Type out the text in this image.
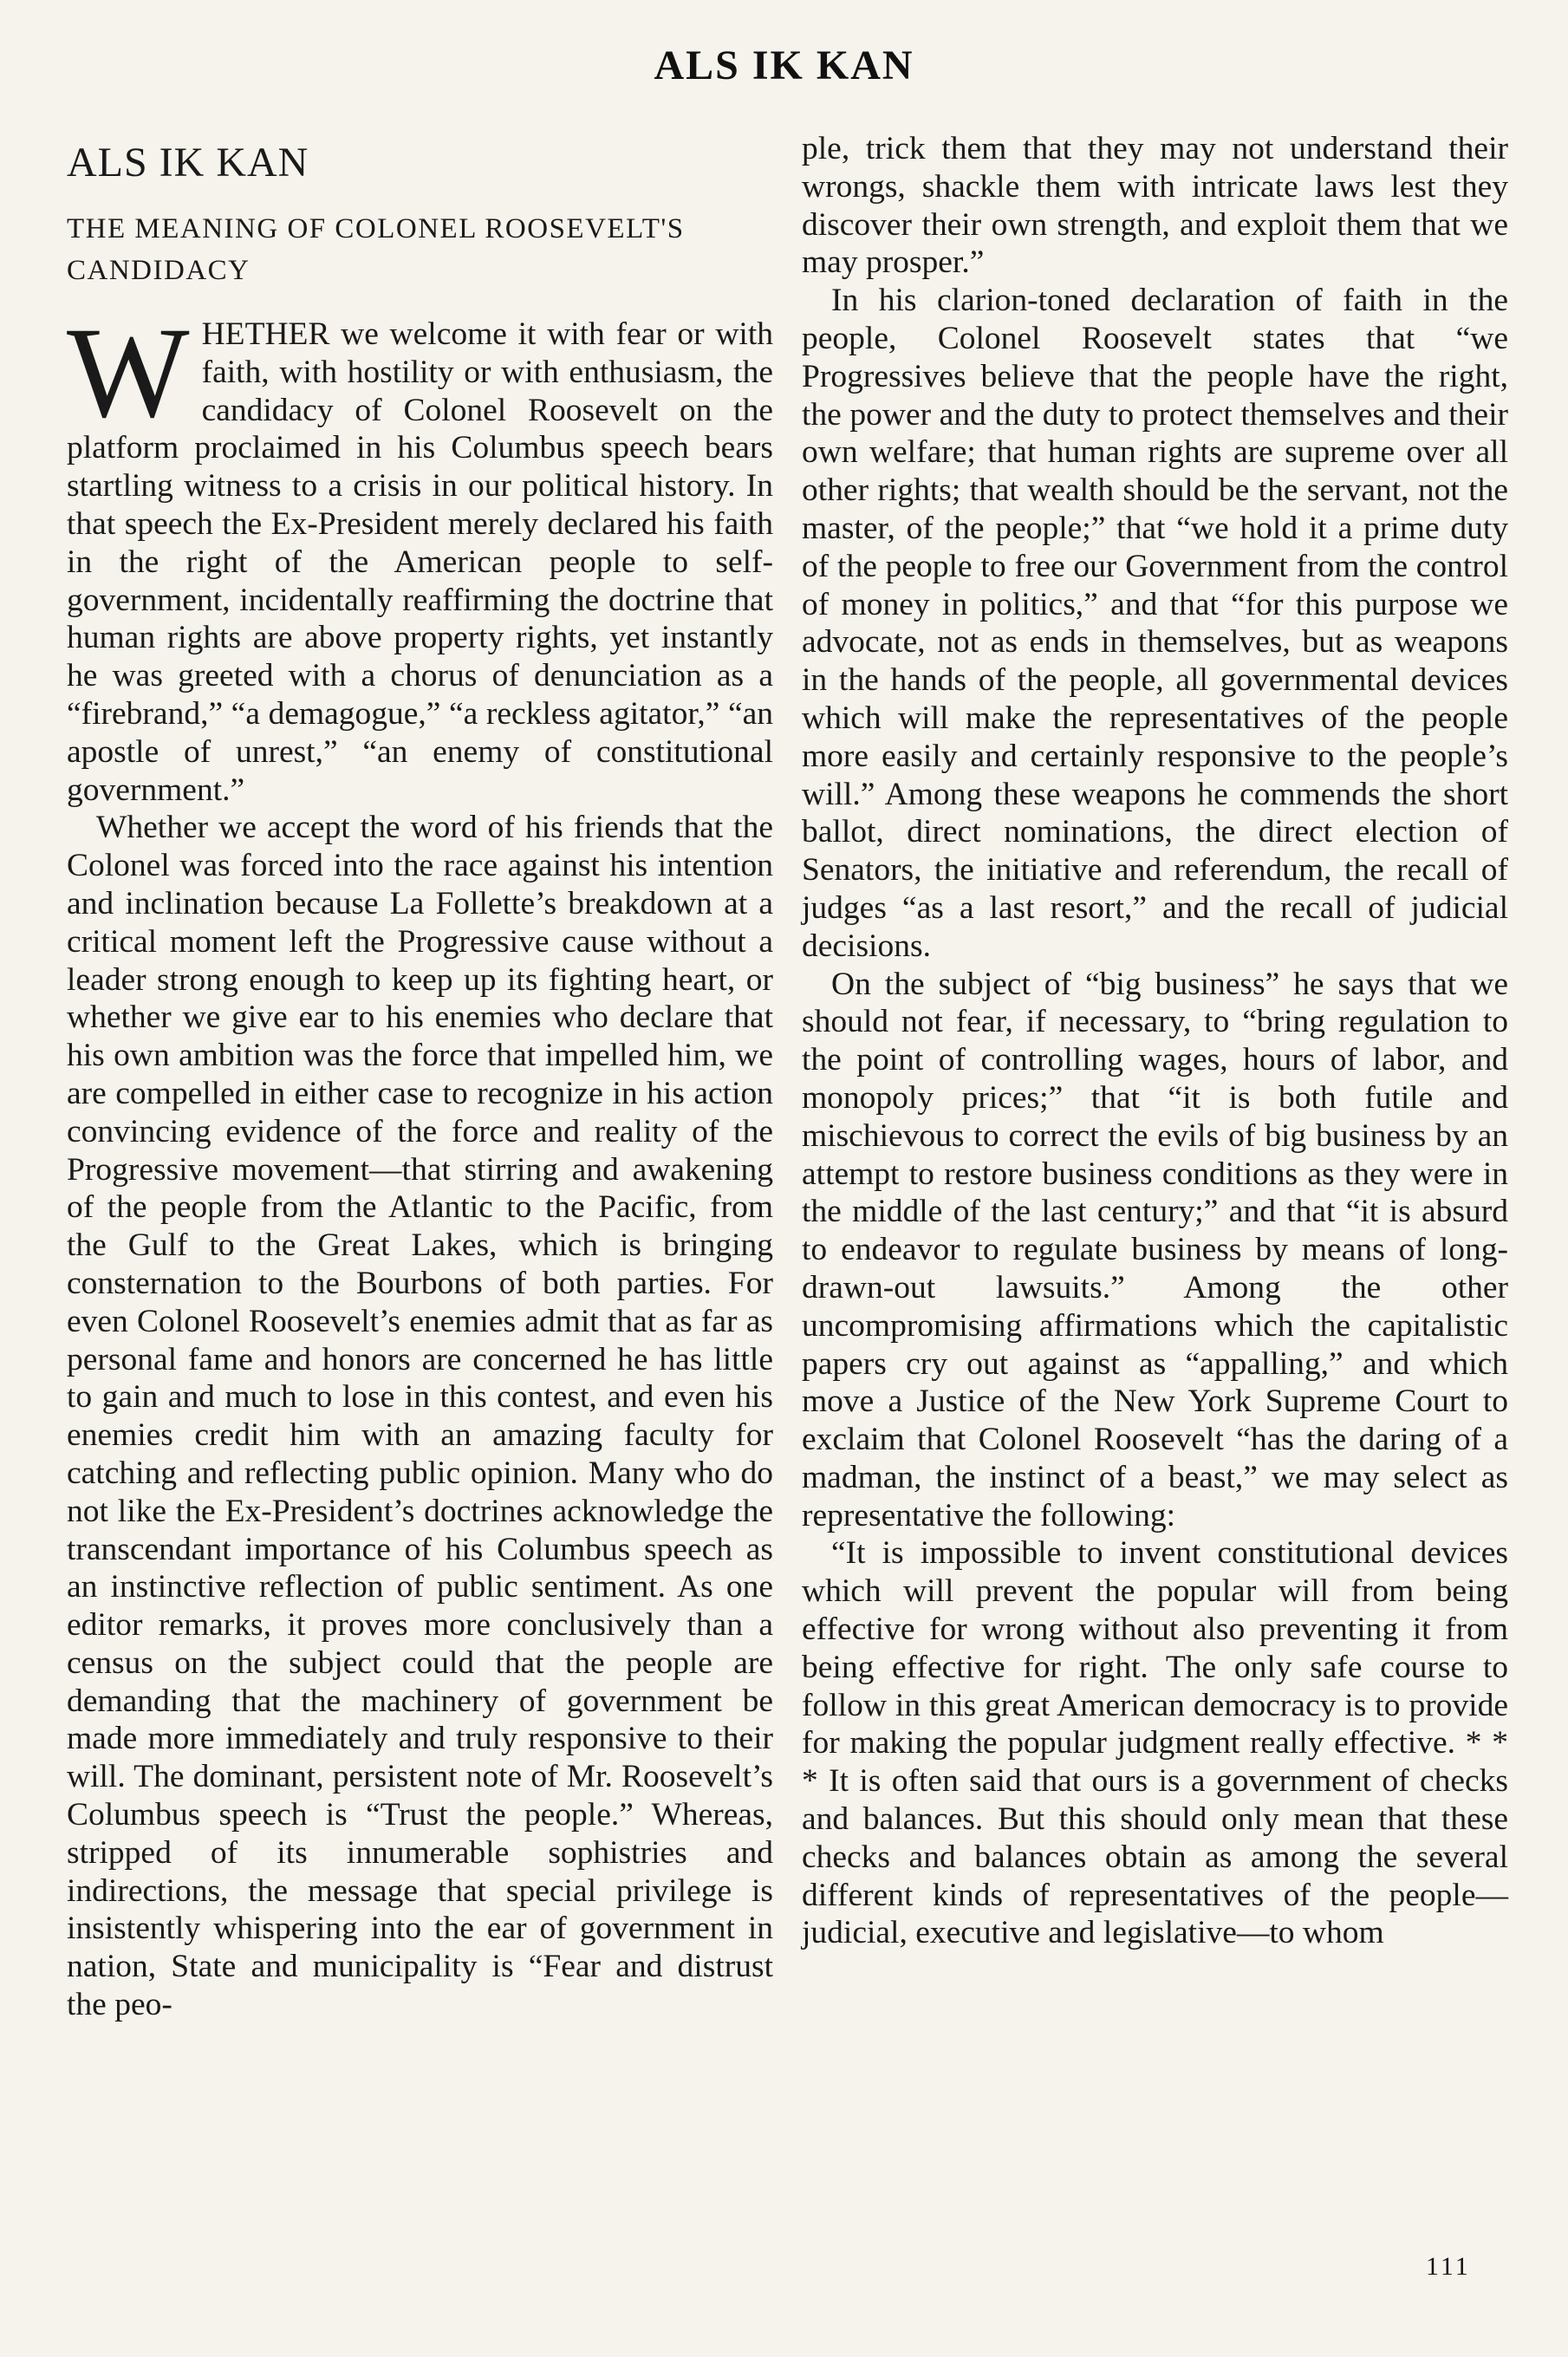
ALS IK KAN
ALS IK KAN
THE MEANING OF COLONEL ROOSEVELT'S CANDIDACY

WHETHER we welcome it with fear or with faith, with hostility or with enthusiasm, the candidacy of Colonel Roosevelt on the platform proclaimed in his Columbus speech bears startling witness to a crisis in our political history. In that speech the Ex-President merely declared his faith in the right of the American people to self-government, incidentally reaffirming the doctrine that human rights are above property rights, yet instantly he was greeted with a chorus of denunciation as a “firebrand,” “a demagogue,” “a reckless agitator,” “an apostle of unrest,” “an enemy of constitutional government.”

Whether we accept the word of his friends that the Colonel was forced into the race against his intention and inclination because La Follette’s breakdown at a critical moment left the Progressive cause without a leader strong enough to keep up its fighting heart, or whether we give ear to his enemies who declare that his own ambition was the force that impelled him, we are compelled in either case to recognize in his action convincing evidence of the force and reality of the Progressive movement—that stirring and awakening of the people from the Atlantic to the Pacific, from the Gulf to the Great Lakes, which is bringing consternation to the Bourbons of both parties. For even Colonel Roosevelt’s enemies admit that as far as personal fame and honors are concerned he has little to gain and much to lose in this contest, and even his enemies credit him with an amazing faculty for catching and reflecting public opinion. Many who do not like the Ex-President’s doctrines acknowledge the transcendant importance of his Columbus speech as an instinctive reflection of public sentiment. As one editor remarks, it proves more conclusively than a census on the subject could that the people are demanding that the machinery of government be made more immediately and truly responsive to their will. The dominant, persistent note of Mr. Roosevelt’s Columbus speech is “Trust the people.” Whereas, stripped of its innumerable sophistries and indirections, the message that special privilege is insistently whispering into the ear of government in nation, State and municipality is “Fear and distrust the peo-

ple, trick them that they may not understand their wrongs, shackle them with intricate laws lest they discover their own strength, and exploit them that we may prosper.”

In his clarion-toned declaration of faith in the people, Colonel Roosevelt states that “we Progressives believe that the people have the right, the power and the duty to protect themselves and their own welfare; that human rights are supreme over all other rights; that wealth should be the servant, not the master, of the people;” that “we hold it a prime duty of the people to free our Government from the control of money in politics,” and that “for this purpose we advocate, not as ends in themselves, but as weapons in the hands of the people, all governmental devices which will make the representatives of the people more easily and certainly responsive to the people’s will.” Among these weapons he commends the short ballot, direct nominations, the direct election of Senators, the initiative and referendum, the recall of judges “as a last resort,” and the recall of judicial decisions.

On the subject of “big business” he says that we should not fear, if necessary, to “bring regulation to the point of controlling wages, hours of labor, and monopoly prices;” that “it is both futile and mischievous to correct the evils of big business by an attempt to restore business conditions as they were in the middle of the last century;” and that “it is absurd to endeavor to regulate business by means of long-drawn-out lawsuits.” Among the other uncompromising affirmations which the capitalistic papers cry out against as “appalling,” and which move a Justice of the New York Supreme Court to exclaim that Colonel Roosevelt “has the daring of a madman, the instinct of a beast,” we may select as representative the following:

“It is impossible to invent constitutional devices which will prevent the popular will from being effective for wrong without also preventing it from being effective for right. The only safe course to follow in this great American democracy is to provide for making the popular judgment really effective. * * * It is often said that ours is a government of checks and balances. But this should only mean that these checks and balances obtain as among the several different kinds of representatives of the people—judicial, executive and legislative—to whom

111
